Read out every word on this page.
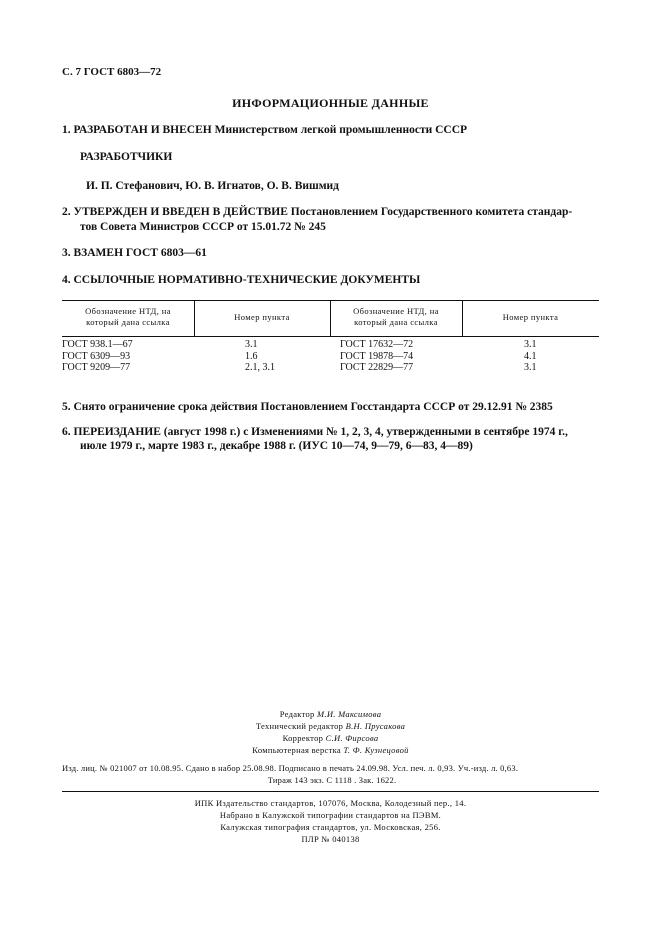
С. 7 ГОСТ 6803—72
ИНФОРМАЦИОННЫЕ ДАННЫЕ
1. РАЗРАБОТАН И ВНЕСЕН Министерством легкой промышленности СССР
РАЗРАБОТЧИКИ
И. П. Стефанович, Ю. В. Игнатов, О. В. Вишмид
2. УТВЕРЖДЕН И ВВЕДЕН В ДЕЙСТВИЕ Постановлением Государственного комитета стандар-
тов Совета Министров СССР от 15.01.72 № 245
3. ВЗАМЕН ГОСТ 6803—61
4. ССЫЛОЧНЫЕ НОРМАТИВНО-ТЕХНИЧЕСКИЕ ДОКУМЕНТЫ
Обозначение НТД, на
который дана ссылка	Номер пункта
Обозначение НТД, на
который дана ссылка	Номер пункта
ГОСТ 938.1—67
ГОСТ 6309—93
ГОСТ 9209—77
3.1
1.6
2.1, 3.1
ГОСТ 17632—72
ГОСТ 19878—74
ГОСТ 22829—77
3.1
4.1
3.1
5. Снято ограничение срока действия Постановлением Госстандарта СССР от 29.12.91 № 2385
6. ПЕРЕИЗДАНИЕ (август 1998 г.) с Изменениями № 1, 2, 3, 4, утвержденными в сентябре 1974 г.,
июле 1979 г., марте 1983 г., декабре 1988 г. (ИУС 10—74, 9—79, 6—83, 4—89)
Редактор М.И. Максимова
Технический редактор В.Н. Прусакова
Корректор С.И. Фирсова
Компьютерная верстка Т. Ф. Кузнецовой
Изд. лиц. № 021007 от 10.08.95. Сдано в набор 25.08.98. Подписано в печать 24.09.98. Усл. печ. л. 0,93. Уч.-изд. л. 0,63.
Тираж 143 экз. С 1118 . Зак. 1622.
ИПК Издательство стандартов, 107076, Москва, Колодезный пер., 14.
Набрано в Калужской типографии стандартов на ПЭВМ.
Калужская типография стандартов, ул. Московская, 256.
ПЛР № 040138
